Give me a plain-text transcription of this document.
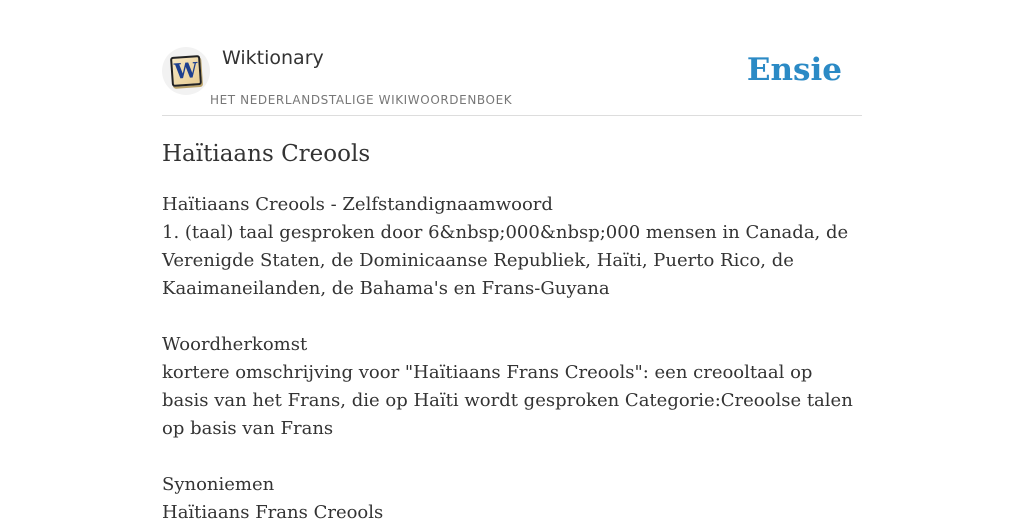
W Wiktionary
HET NEDERLANDSTALIGE WIKIWOORDENBOEK
Ensie
Haïtiaans Creools
Haïtiaans Creools - Zelfstandignaamwoord
1. (taal) taal gesproken door 6&nbsp;000&nbsp;000 mensen in Canada, de Verenigde Staten, de Dominicaanse Republiek, Haïti, Puerto Rico, de Kaaimaneilanden, de Bahama's en Frans-Guyana
Woordherkomst
kortere omschrijving voor "Haïtiaans Frans Creools": een creooltaal op basis van het Frans, die op Haïti wordt gesproken Categorie:Creoolse talen op basis van Frans
Synoniemen
Haïtiaans Frans Creools
